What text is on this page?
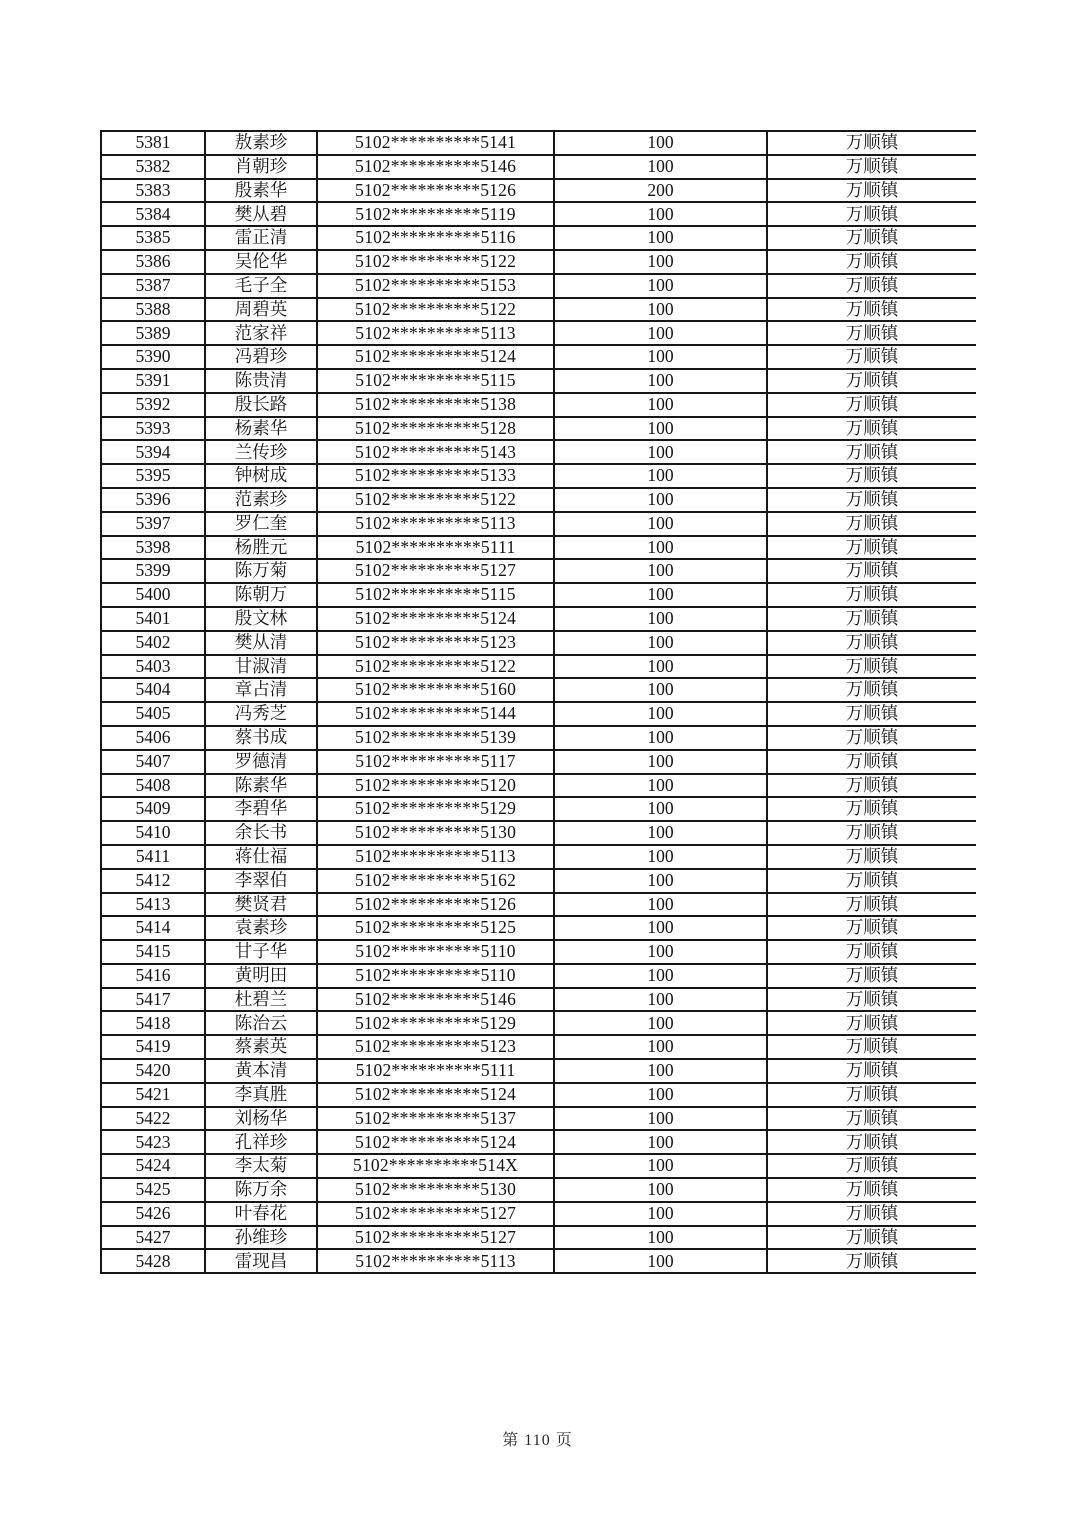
5381	敖素珍	5102**********5141	100	万顺镇
5382	肖朝珍	5102**********5146	100	万顺镇
5383	殷素华	5102**********5126	200	万顺镇
5384	樊从碧	5102**********5119	100	万顺镇
5385	雷正清	5102**********5116	100	万顺镇
5386	吴伦华	5102**********5122	100	万顺镇
5387	毛子全	5102**********5153	100	万顺镇
5388	周碧英	5102**********5122	100	万顺镇
5389	范家祥	5102**********5113	100	万顺镇
5390	冯碧珍	5102**********5124	100	万顺镇
5391	陈贵清	5102**********5115	100	万顺镇
5392	殷长路	5102**********5138	100	万顺镇
5393	杨素华	5102**********5128	100	万顺镇
5394	兰传珍	5102**********5143	100	万顺镇
5395	钟树成	5102**********5133	100	万顺镇
5396	范素珍	5102**********5122	100	万顺镇
5397	罗仁奎	5102**********5113	100	万顺镇
5398	杨胜元	5102**********5111	100	万顺镇
5399	陈万菊	5102**********5127	100	万顺镇
5400	陈朝万	5102**********5115	100	万顺镇
5401	殷文林	5102**********5124	100	万顺镇
5402	樊从清	5102**********5123	100	万顺镇
5403	甘淑清	5102**********5122	100	万顺镇
5404	章占清	5102**********5160	100	万顺镇
5405	冯秀芝	5102**********5144	100	万顺镇
5406	蔡书成	5102**********5139	100	万顺镇
5407	罗德清	5102**********5117	100	万顺镇
5408	陈素华	5102**********5120	100	万顺镇
5409	李碧华	5102**********5129	100	万顺镇
5410	余长书	5102**********5130	100	万顺镇
5411	蒋仕福	5102**********5113	100	万顺镇
5412	李翠伯	5102**********5162	100	万顺镇
5413	樊贤君	5102**********5126	100	万顺镇
5414	袁素珍	5102**********5125	100	万顺镇
5415	甘子华	5102**********5110	100	万顺镇
5416	黄明田	5102**********5110	100	万顺镇
5417	杜碧兰	5102**********5146	100	万顺镇
5418	陈治云	5102**********5129	100	万顺镇
5419	蔡素英	5102**********5123	100	万顺镇
5420	黄本清	5102**********5111	100	万顺镇
5421	李真胜	5102**********5124	100	万顺镇
5422	刘杨华	5102**********5137	100	万顺镇
5423	孔祥珍	5102**********5124	100	万顺镇
5424	李太菊	5102**********514X	100	万顺镇
5425	陈万余	5102**********5130	100	万顺镇
5426	叶春花	5102**********5127	100	万顺镇
5427	孙维珍	5102**********5127	100	万顺镇
5428	雷现昌	5102**********5113	100	万顺镇
第 110 页
